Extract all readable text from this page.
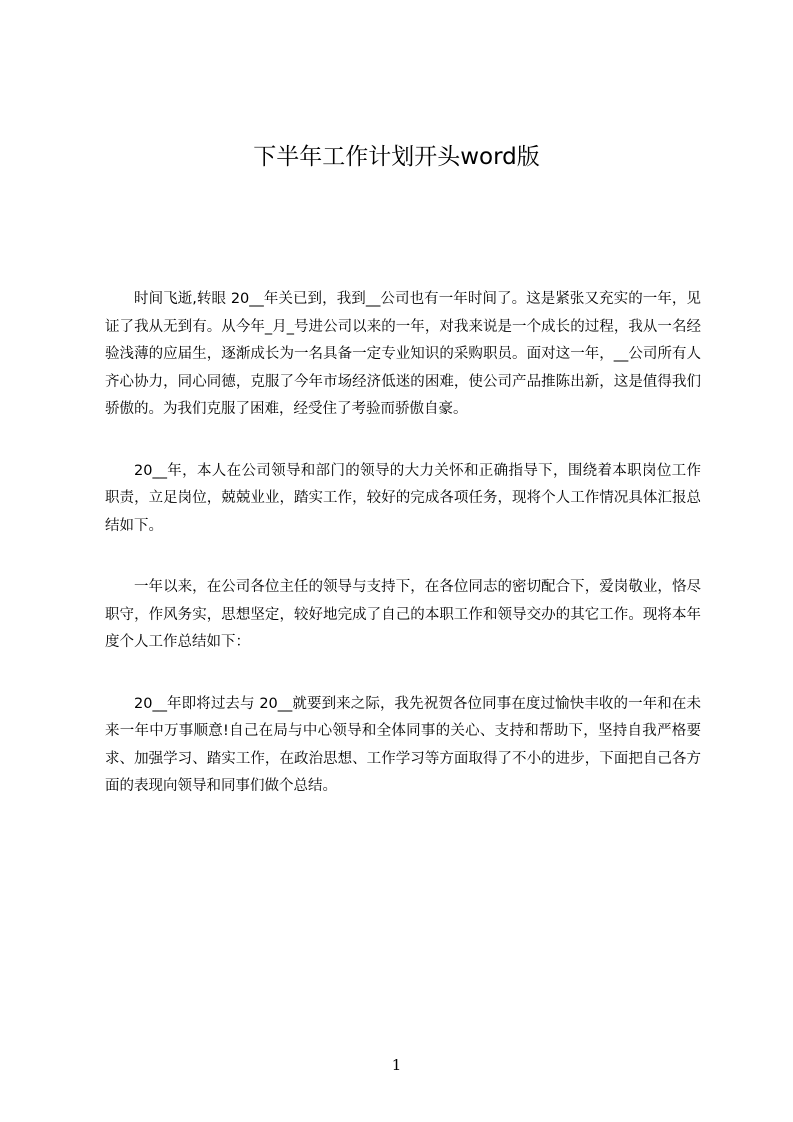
下半年工作计划开头word版

时间飞逝,转眼 20__年关已到，我到__公司也有一年时间了。这是紧张又充实的一年，见证了我从无到有。从今年_月_号进公司以来的一年，对我来说是一个成长的过程，我从一名经验浅薄的应届生，逐渐成长为一名具备一定专业知识的采购职员。面对这一年，__公司所有人齐心协力，同心同德，克服了今年市场经济低迷的困难，使公司产品推陈出新，这是值得我们骄傲的。为我们克服了困难，经受住了考验而骄傲自豪。

20__年，本人在公司领导和部门的领导的大力关怀和正确指导下，围绕着本职岗位工作职责，立足岗位，兢兢业业，踏实工作，较好的完成各项任务，现将个人工作情况具体汇报总结如下。

一年以来，在公司各位主任的领导与支持下，在各位同志的密切配合下，爱岗敬业，恪尽职守，作风务实，思想坚定，较好地完成了自己的本职工作和领导交办的其它工作。现将本年度个人工作总结如下：

20__年即将过去与 20__就要到来之际，我先祝贺各位同事在度过愉快丰收的一年和在未来一年中万事顺意!自己在局与中心领导和全体同事的关心、支持和帮助下，坚持自我严格要求、加强学习、踏实工作，在政治思想、工作学习等方面取得了不小的进步，下面把自己各方面的表现向领导和同事们做个总结。

1
